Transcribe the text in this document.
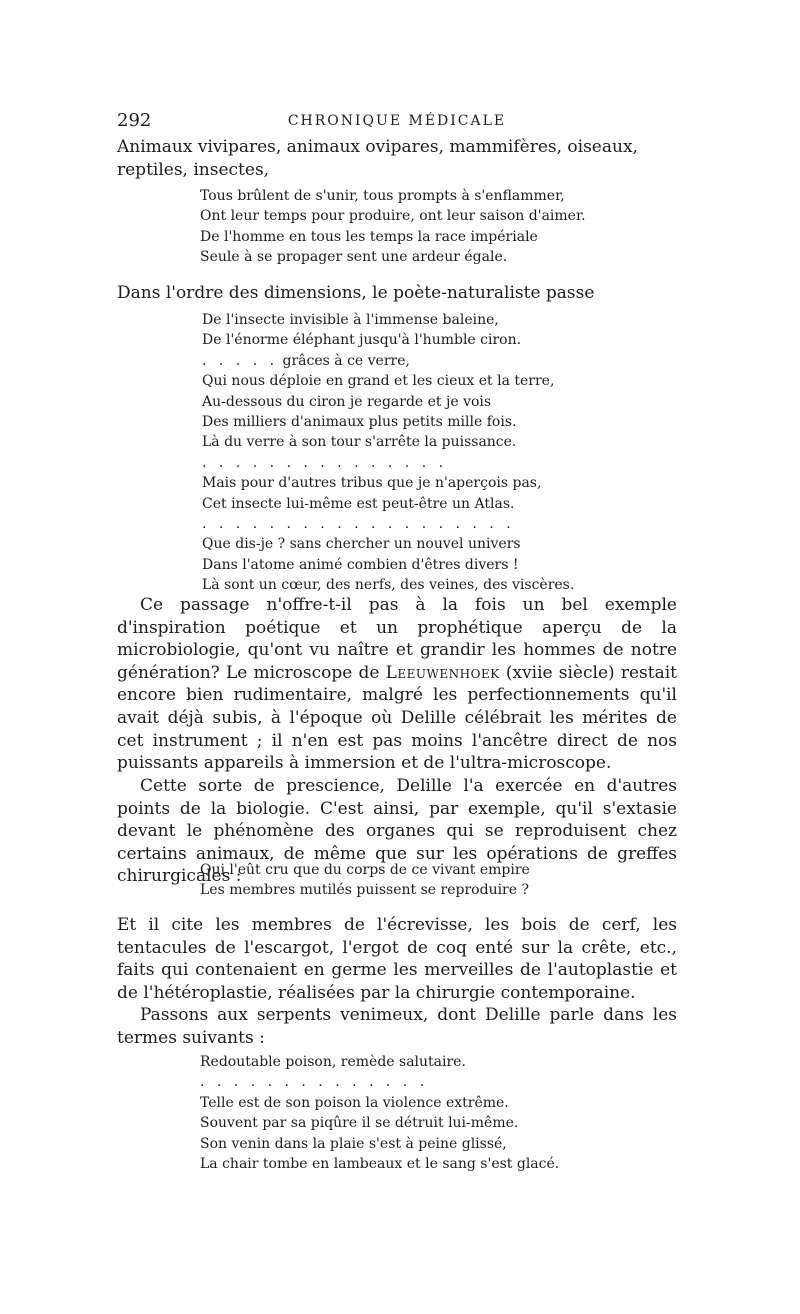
292	CHRONIQUE MÉDICALE
Animaux vivipares, animaux ovipares, mammifères, oiseaux,
reptiles, insectes,
Tous brûlent de s'unir, tous prompts à s'enflammer,
Ont leur temps pour produire, ont leur saison d'aimer.
De l'homme en tous les temps la race impériale
Seule à se propager sent une ardeur égale.
Dans l'ordre des dimensions, le poète-naturaliste passe
De l'insecte invisible à l'immense baleine,
De l'énorme éléphant jusqu'à l'humble ciron.
. . . . . grâces à ce verre,
Qui nous déploie en grand et les cieux et la terre,
Au-dessous du ciron je regarde et je vois
Des milliers d'animaux plus petits mille fois.
Là du verre à son tour s'arrête la puissance.
. . . . . . . . . . . . . . .
Mais pour d'autres tribus que je n'aperçois pas,
Cet insecte lui-même est peut-être un Atlas.
. . . . . . . . . . . . . . . . . . .
Que dis-je ? sans chercher un nouvel univers
Dans l'atome animé combien d'êtres divers !
Là sont un cœur, des nerfs, des veines, des viscères.

Ce passage n'offre-t-il pas à la fois un bel exemple d'inspiration poétique et un prophétique aperçu de la microbiologie, qu'ont vu naître et grandir les hommes de notre génération? Le microscope de Leeuwenhoek (xviie siècle) restait encore bien rudimentaire, malgré les perfectionnements qu'il avait déjà subis, à l'époque où Delille célébrait les mérites de cet instrument ; il n'en est pas moins l'ancêtre direct de nos puissants appareils à immersion et de l'ultra-microscope.

Cette sorte de prescience, Delille l'a exercée en d'autres points de la biologie. C'est ainsi, par exemple, qu'il s'extasie devant le phénomène des organes qui se reproduisent chez certains animaux, de même que sur les opérations de greffes chirurgicales :

Qui l'eût cru que du corps de ce vivant empire
Les membres mutilés puissent se reproduire ?

Et il cite les membres de l'écrevisse, les bois de cerf, les tentacules de l'escargot, l'ergot de coq enté sur la crête, etc., faits qui contenaient en germe les merveilles de l'autoplastie et de l'hétéroplastie, réalisées par la chirurgie contemporaine.

Passons aux serpents venimeux, dont Delille parle dans les termes suivants :

Redoutable poison, remède salutaire.
. . . . . . . . . . . . . .
Telle est de son poison la violence extrême.
Souvent par sa piqûre il se détruit lui-même.
Son venin dans la plaie s'est à peine glissé,
La chair tombe en lambeaux et le sang s'est glacé.
